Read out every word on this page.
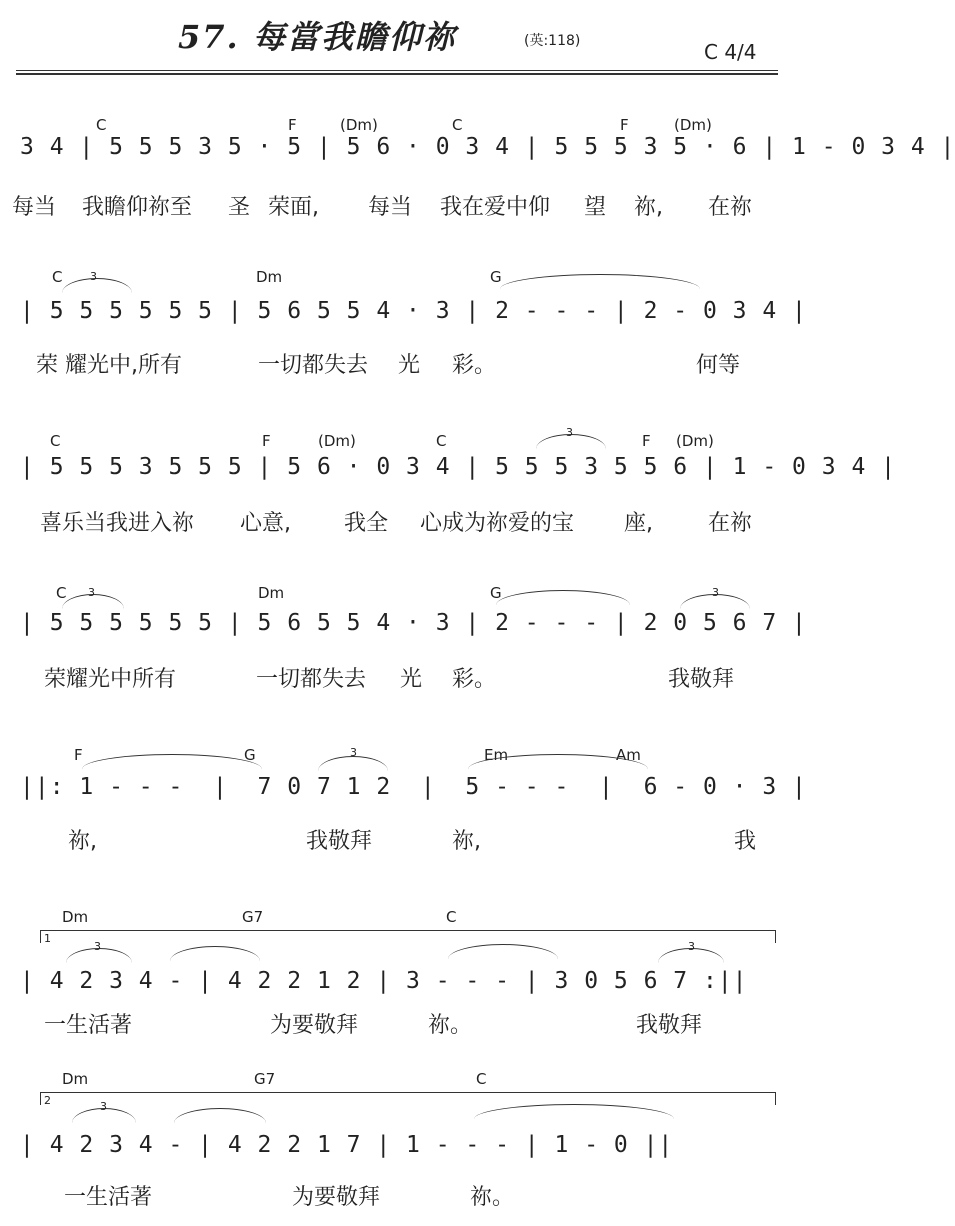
57. 每當我瞻仰祢	(英:118)	C 4/4
C	F	(Dm)	C	F	(Dm)
3 4 | 5 5 5 3 5 · 5 | 5 6 · 0 3 4 | 5 5 5 3 5 · 6 | 1 - 0 3 4 |
每当 我瞻仰祢至 圣 荣面, 每当 我在爱中仰 望 祢, 在祢
C	Dm	G
3
| 5 5 5 5 5 5 | 5 6 5 5 4 · 3 | 2 - - - | 2 - 0 3 4 |
荣 耀光中,所有	一切都失去 光 彩。	何等
C	F	(Dm)	C	F (Dm)
3
| 5 5 5 3 5 5 5 | 5 6 · 0 3 4 | 5 5 5 3 5 5 6 | 1 - 0 3 4 |
喜乐当我进入祢 心意, 我全 心成为祢爱的宝 座,	在祢
C	Dm	G
3	3
| 5 5 5 5 5 5 | 5 6 5 5 4 · 3 | 2 - - - | 2 0 5 6 7 |
荣耀光中所有	一切都失去 光 彩。	我敬拜
F	G	Em	Am
3
||: 1 - - -  |  7 0 7 1 2  |  5 - - -  |  6 - 0 · 3 |
祢,	我敬拜	祢,	我
Dm	G7	C
1
3	3
| 4 2 3 4 - | 4 2 2 1 2 | 3 - - - | 3 0 5 6 7 :||
一生活著	为要敬拜	祢。	我敬拜
Dm	G7	C
2	3
| 4 2 3 4 - | 4 2 2 1 7 | 1 - - - | 1 - 0 ||
一生活著	为要敬拜	祢。
